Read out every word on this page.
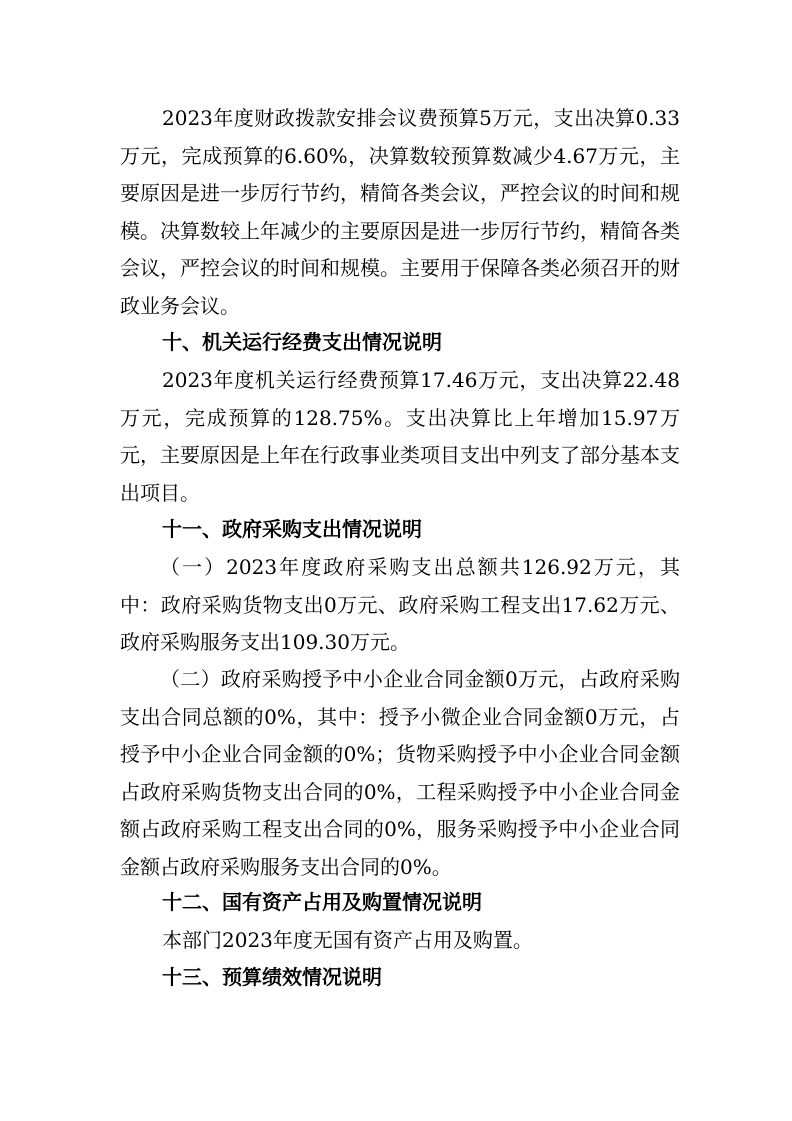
2023年度财政拨款安排会议费预算5万元，支出决算0.33万元，完成预算的6.60%，决算数较预算数减少4.67万元，主要原因是进一步厉行节约，精简各类会议，严控会议的时间和规模。决算数较上年减少的主要原因是进一步厉行节约，精简各类会议，严控会议的时间和规模。主要用于保障各类必须召开的财政业务会议。

十、机关运行经费支出情况说明

2023年度机关运行经费预算17.46万元，支出决算22.48万元，完成预算的128.75%。支出决算比上年增加15.97万元，主要原因是上年在行政事业类项目支出中列支了部分基本支出项目。

十一、政府采购支出情况说明

（一）2023年度政府采购支出总额共126.92万元，其中：政府采购货物支出0万元、政府采购工程支出17.62万元、政府采购服务支出109.30万元。

（二）政府采购授予中小企业合同金额0万元，占政府采购支出合同总额的0%，其中：授予小微企业合同金额0万元，占授予中小企业合同金额的0%；货物采购授予中小企业合同金额占政府采购货物支出合同的0%，工程采购授予中小企业合同金额占政府采购工程支出合同的0%，服务采购授予中小企业合同金额占政府采购服务支出合同的0%。

十二、国有资产占用及购置情况说明

本部门2023年度无国有资产占用及购置。

十三、预算绩效情况说明
